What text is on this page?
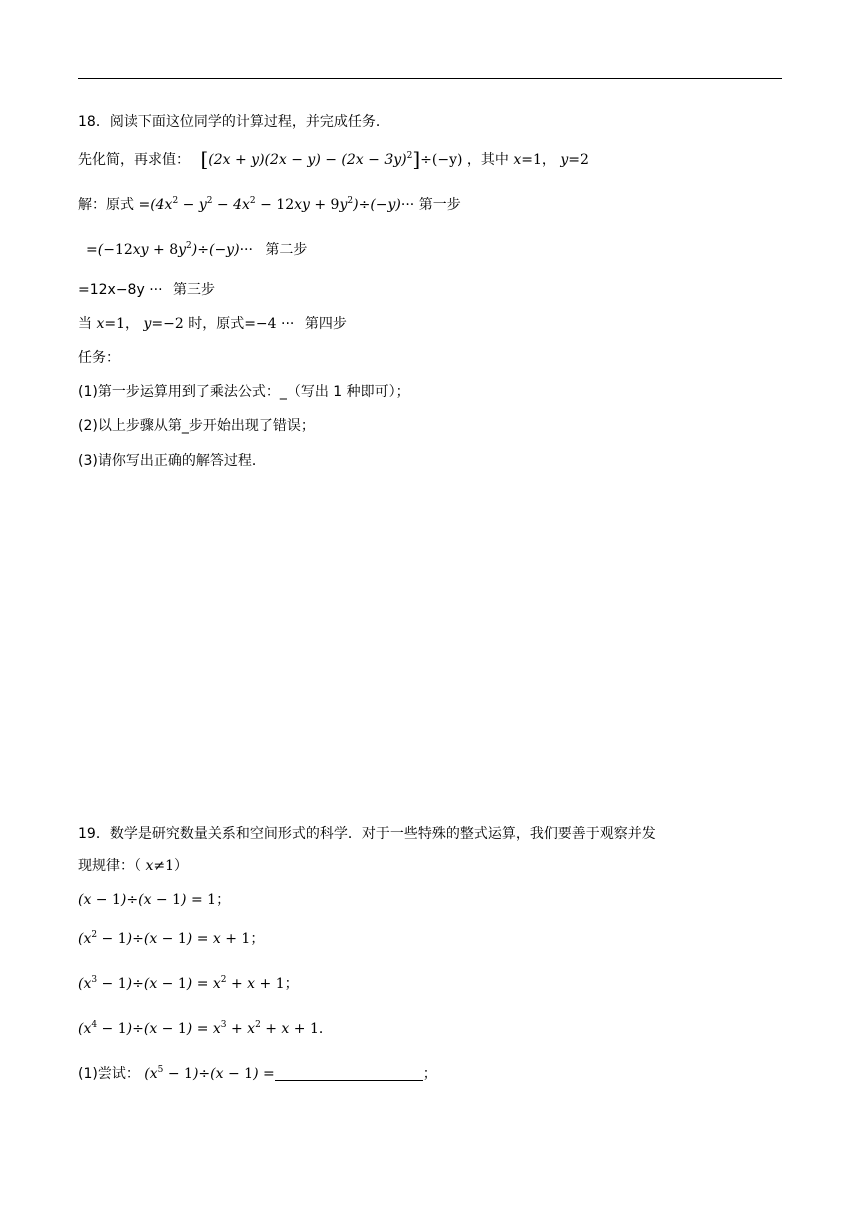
18．阅读下面这位同学的计算过程，并完成任务．
先化简，再求值： $[(2x + y)(2x - y) - (2x - 3y)^2]\div(-y)$ ，其中 x=1， y=2
解：原式 $=(4x^2 - y^2 - 4x^2 - 12xy + 9y^2)\div(-y)\cdot\cdot\cdot$ 第一步
$=(-12xy + 8y^2)\div(-y)\cdot\cdot\cdot$ 第二步
=12x−8y ··· 第三步
当 x=1， y=−2 时，原式=−4 ··· 第四步
任务：
(1)第一步运算用到了乘法公式：_（写出 1 种即可）；
(2)以上步骤从第_步开始出现了错误；
(3)请你写出正确的解答过程．
19．数学是研究数量关系和空间形式的科学．对于一些特殊的整式运算，我们要善于观察并发
现规律：（ x≠1）
(x − 1)÷(x − 1) = 1；
$(x^2 - 1)\div(x - 1) = x + 1$；
$(x^3 - 1)\div(x - 1) = x^2 + x + 1$；
$(x^4 - 1)\div(x - 1) = x^3 + x^2 + x + 1$．
(1)尝试： $(x^5 - 1)\div(x - 1)$ =	；
